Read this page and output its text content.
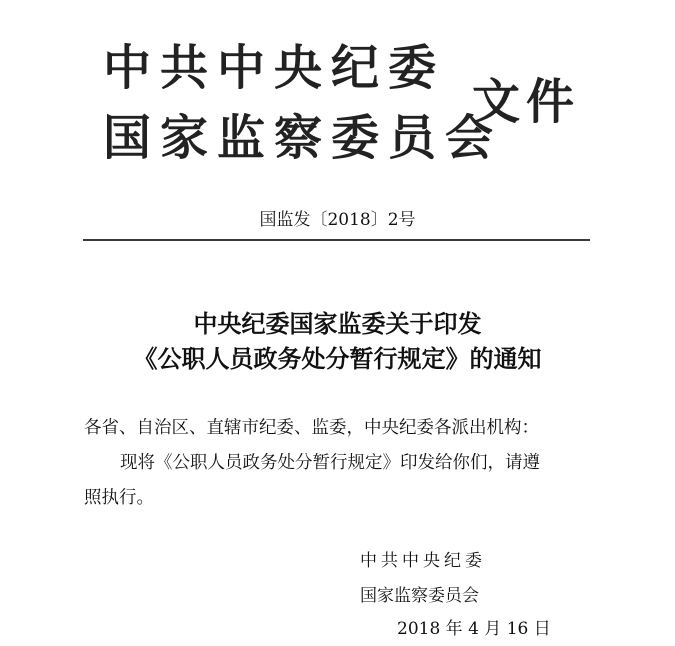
中共中央纪委
国家监察委员会
文件
国监发〔2018〕2号
中央纪委国家监委关于印发
《公职人员政务处分暂行规定》的通知
各省、自治区、直辖市纪委、监委，中央纪委各派出机构：
现将《公职人员政务处分暂行规定》印发给你们，请遵
照执行。
中共中央纪委
国家监察委员会
2018 年 4 月 16 日
